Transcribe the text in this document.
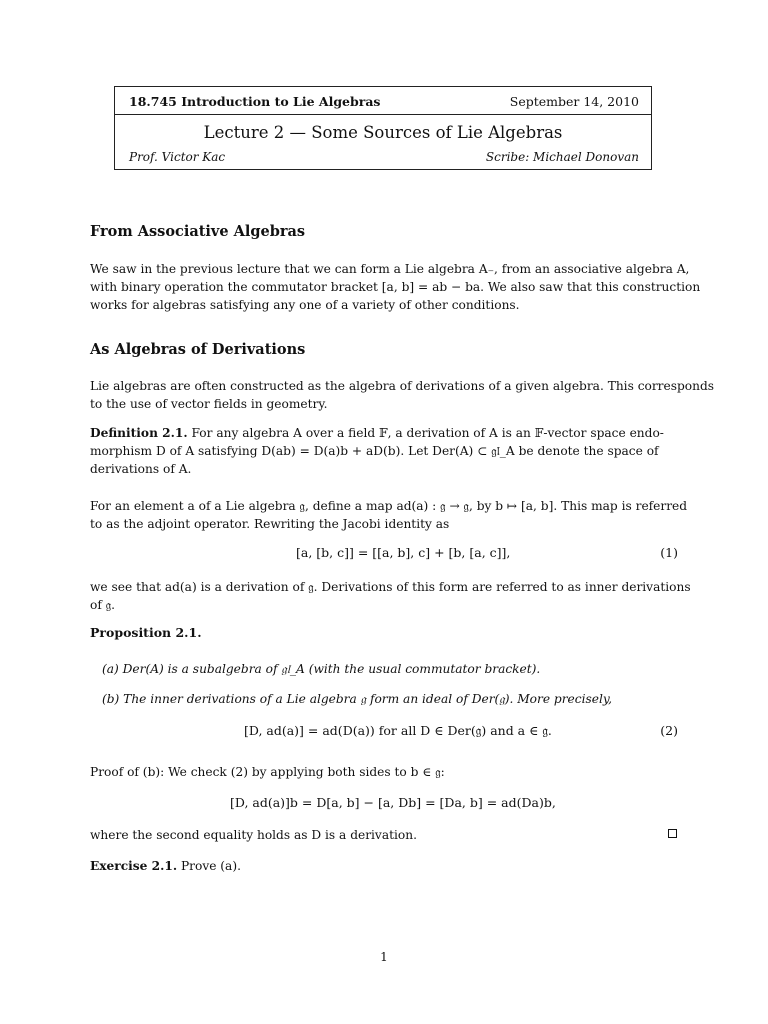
18.745 Introduction to Lie Algebras	September 14, 2010
Lecture 2 — Some Sources of Lie Algebras
Prof. Victor Kac	Scribe: Michael Donovan
From Associative Algebras
We saw in the previous lecture that we can form a Lie algebra A₋, from an associative algebra A,
with binary operation the commutator bracket [a, b] = ab − ba. We also saw that this construction
works for algebras satisfying any one of a variety of other conditions.
As Algebras of Derivations
Lie algebras are often constructed as the algebra of derivations of a given algebra. This corresponds
to the use of vector fields in geometry.
Definition 2.1. For any algebra A over a field 𝔽, a derivation of A is an 𝔽-vector space endo-
morphism D of A satisfying D(ab) = D(a)b + aD(b). Let Der(A) ⊂ 𝔤𝔩_A be denote the space of
derivations of A.
For an element a of a Lie algebra 𝔤, define a map ad(a) : 𝔤 → 𝔤, by b ↦ [a, b]. This map is referred
to as the adjoint operator. Rewriting the Jacobi identity as
[a, [b, c]] = [[a, b], c] + [b, [a, c]],	(1)
we see that ad(a) is a derivation of 𝔤. Derivations of this form are referred to as inner derivations
of 𝔤.
Proposition 2.1.
(a) Der(A) is a subalgebra of 𝔤𝔩_A (with the usual commutator bracket).
(b) The inner derivations of a Lie algebra 𝔤 form an ideal of Der(𝔤). More precisely,
[D, ad(a)] = ad(D(a)) for all D ∈ Der(𝔤) and a ∈ 𝔤.	(2)
Proof of (b): We check (2) by applying both sides to b ∈ 𝔤:
[D, ad(a)]b = D[a, b] − [a, Db] = [Da, b] = ad(Da)b,
where the second equality holds as D is a derivation.
Exercise 2.1. Prove (a).
1
